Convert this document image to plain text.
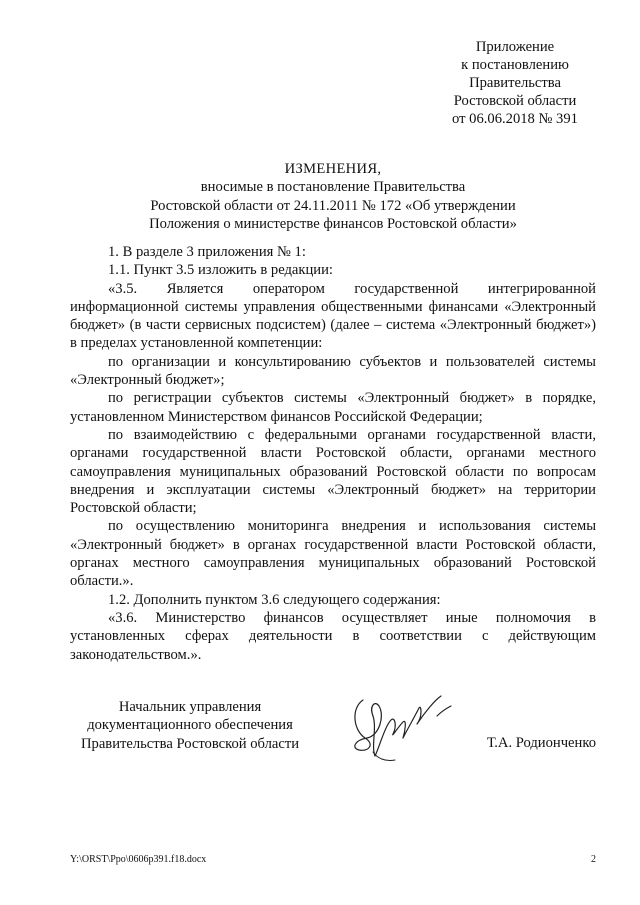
Приложение
к постановлению
Правительства
Ростовской области
от 06.06.2018 № 391
ИЗМЕНЕНИЯ,
вносимые в постановление Правительства
Ростовской области от 24.11.2011 № 172 «Об утверждении
Положения о министерстве финансов Ростовской области»

1. В разделе 3 приложения № 1:

1.1. Пункт 3.5 изложить в редакции:

«3.5. Является оператором государственной интегрированной информационной системы управления общественными финансами «Электронный бюджет» (в части сервисных подсистем) (далее – система «Электронный бюджет») в пределах установленной компетенции:

по организации и консультированию субъектов и пользователей системы «Электронный бюджет»;

по регистрации субъектов системы «Электронный бюджет» в порядке, установленном Министерством финансов Российской Федерации;

по взаимодействию с федеральными органами государственной власти, органами государственной власти Ростовской области, органами местного самоуправления муниципальных образований Ростовской области по вопросам внедрения и эксплуатации системы «Электронный бюджет» на территории Ростовской области;

по осуществлению мониторинга внедрения и использования системы «Электронный бюджет» в органах государственной власти Ростовской области, органах местного самоуправления муниципальных образований Ростовской области.».

1.2. Дополнить пунктом 3.6 следующего содержания:

«3.6. Министерство финансов осуществляет иные полномочия в установленных сферах деятельности в соответствии с действующим законодательством.».

Начальник управления
документационного обеспечения
Правительства Ростовской области	Т.А. Родионченко
Y:\ORST\Ppo\0606p391.f18.docx	2
